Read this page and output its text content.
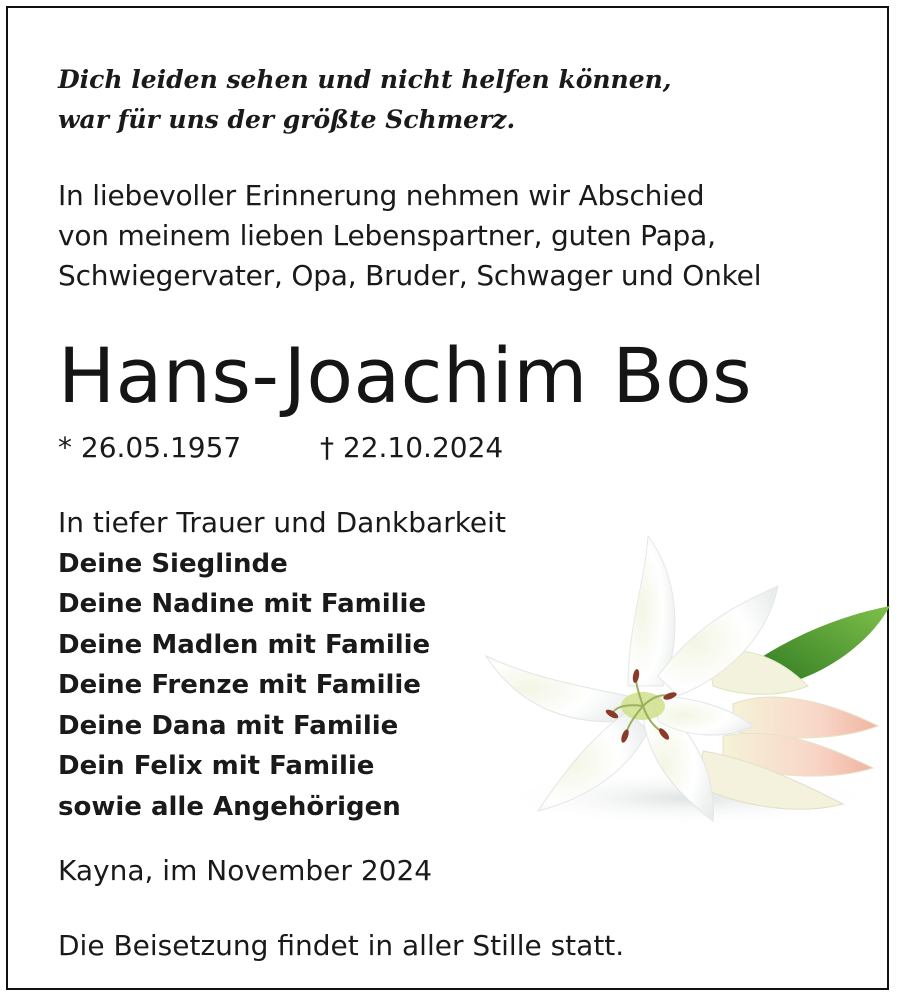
Dich leiden sehen und nicht helfen können,
war für uns der größte Schmerz.
In liebevoller Erinnerung nehmen wir Abschied
von meinem lieben Lebenspartner, guten Papa,
Schwiegervater, Opa, Bruder, Schwager und Onkel
Hans-Joachim Bos
* 26.05.1957	† 22.10.2024
In tiefer Trauer und Dankbarkeit
Deine Sieglinde
Deine Nadine mit Familie
Deine Madlen mit Familie
Deine Frenze mit Familie
Deine Dana mit Familie
Dein Felix mit Familie
sowie alle Angehörigen
Kayna, im November 2024
Die Beisetzung findet in aller Stille statt.
